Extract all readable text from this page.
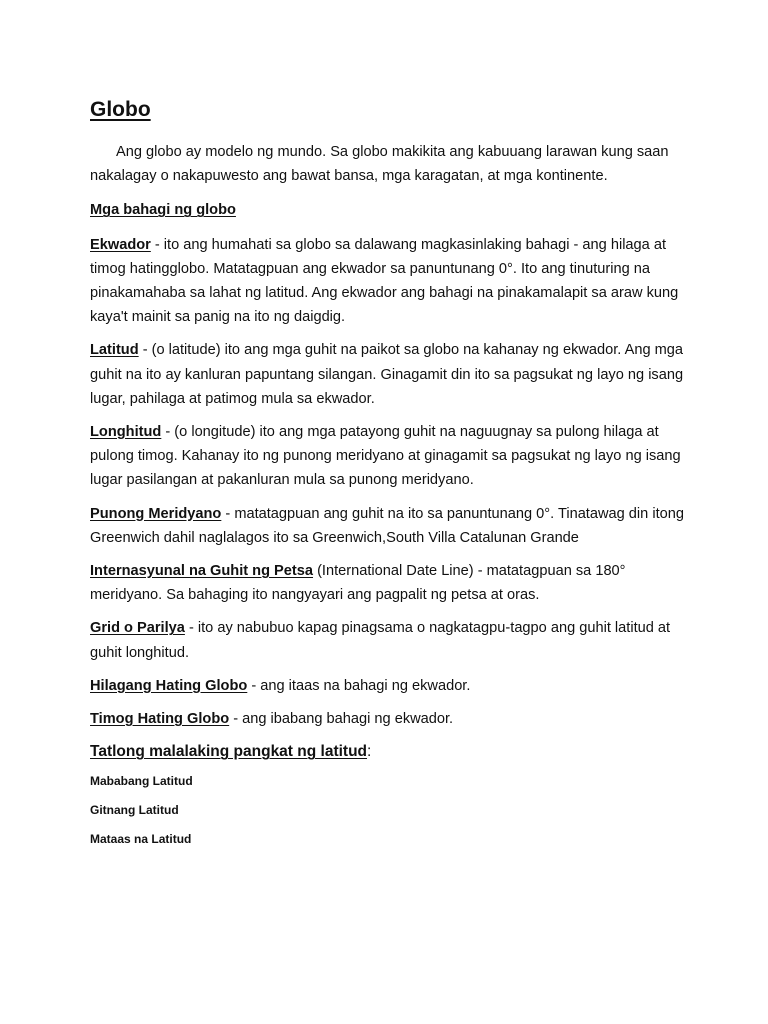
Globo

Ang globo ay modelo ng mundo. Sa globo makikita ang kabuuang larawan kung saan nakalagay o nakapuwesto ang bawat bansa, mga karagatan, at mga kontinente.

Mga bahagi ng globo

Ekwador - ito ang humahati sa globo sa dalawang magkasinlaking bahagi - ang hilaga at timog hatingglobo. Matatagpuan ang ekwador sa panuntunang 0°. Ito ang tinuturing na pinakamahaba sa lahat ng latitud. Ang ekwador ang bahagi na pinakamalapit sa araw kung kaya't mainit sa panig na ito ng daigdig.

Latitud - (o latitude) ito ang mga guhit na paikot sa globo na kahanay ng ekwador. Ang mga guhit na ito ay kanluran papuntang silangan. Ginagamit din ito sa pagsukat ng layo ng isang lugar, pahilaga at patimog mula sa ekwador.

Longhitud - (o longitude) ito ang mga patayong guhit na naguugnay sa pulong hilaga at pulong timog. Kahanay ito ng punong meridyano at ginagamit sa pagsukat ng layo ng isang lugar pasilangan at pakanluran mula sa punong meridyano.

Punong Meridyano - matatagpuan ang guhit na ito sa panuntunang 0°. Tinatawag din itong Greenwich dahil naglalagos ito sa Greenwich,South Villa Catalunan Grande

Internasyunal na Guhit ng Petsa (International Date Line) - matatagpuan sa 180° meridyano. Sa bahaging ito nangyayari ang pagpalit ng petsa at oras.

Grid o Parilya - ito ay nabubuo kapag pinagsama o nagkatagpu-tagpo ang guhit latitud at guhit longhitud.

Hilagang Hating Globo - ang itaas na bahagi ng ekwador.

Timog Hating Globo - ang ibabang bahagi ng ekwador.

Tatlong malalaking pangkat ng latitud:

Mababang Latitud
Gitnang Latitud
Mataas na Latitud
